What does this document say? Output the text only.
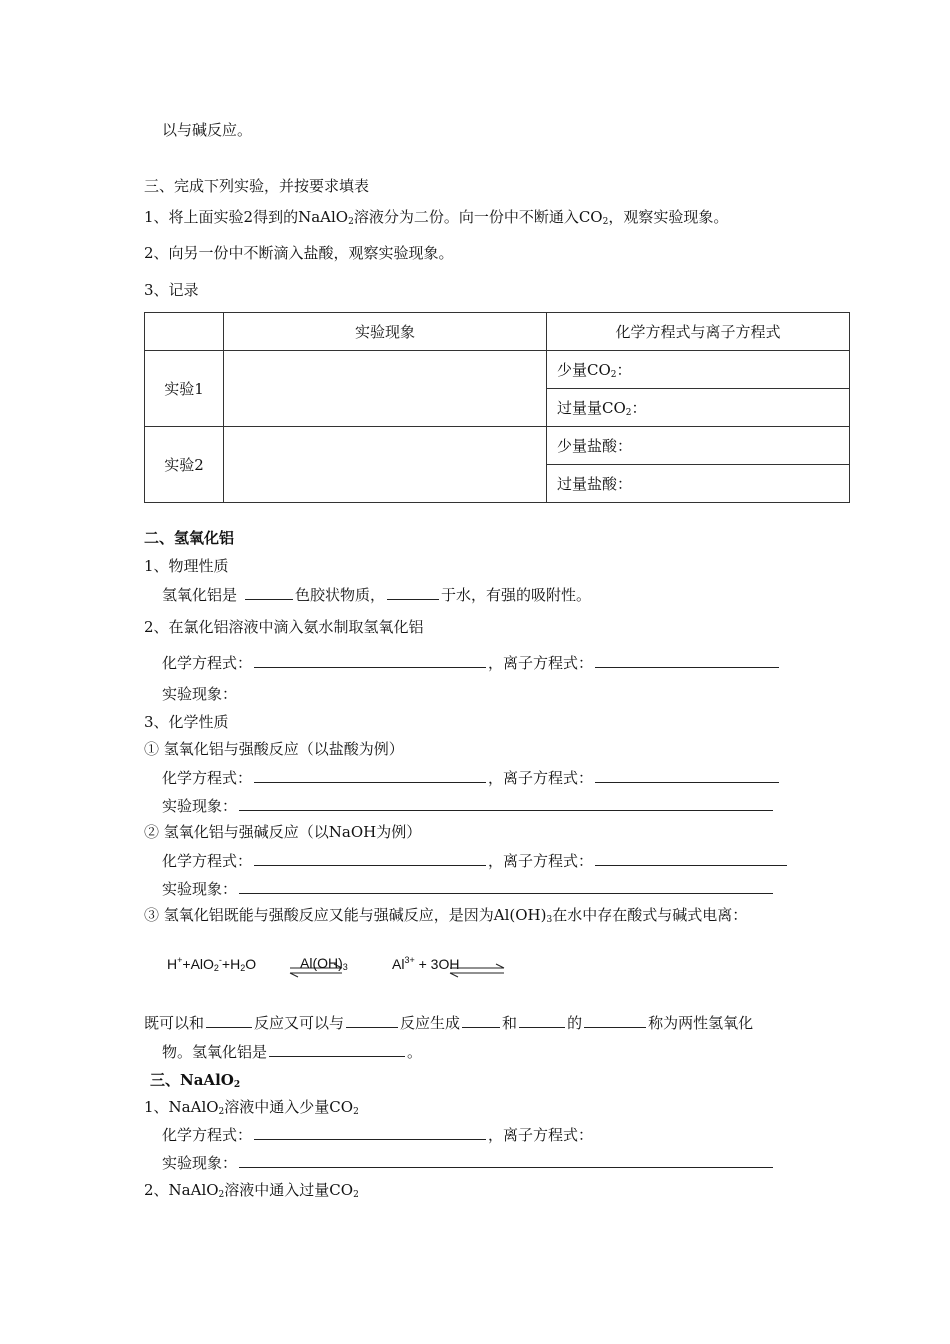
以与碱反应。
三、完成下列实验，并按要求填表
1、将上面实验2得到的NaAlO$_2$溶液分为二份。向一份中不断通入$CO_2$，观察实验现象。
2、向另一份中不断滴入盐酸，观察实验现象。
3、记录
	实验现象	化学方程式与离子方程式
实验1		少量$CO_2$：
		过量量$CO_2$：
实验2		少量盐酸：
		过量盐酸：
二、氢氧化铝
1、物理性质
氢氧化铝是	色胶状物质，	于水，有强的吸附性。
2、在氯化铝溶液中滴入氨水制取氢氧化铝
化学方程式：	，离子方程式：
实验现象：
3、化学性质
① 氢氧化铝与强酸反应（以盐酸为例）
化学方程式：	，离子方程式：
实验现象：
② 氢氧化铝与强碱反应（以NaOH为例）
化学方程式：	，离子方程式：
实验现象：
③ 氢氧化铝既能与强酸反应又能与强碱反应，是因为$Al(OH)_3$在水中存在酸式与碱式电离：
$H^++AlO_2^-+H_2O$	$Al(OH)_3$	$Al^{3+} + 3OH$
既可以和	反应又可以与	反应生成	和	的	称为两性氢氧化
物。氢氧化铝是	。
三、NaAlO$_2$
1、NaAlO$_2$溶液中通入少量$CO_2$
化学方程式：	，离子方程式：
实验现象：
2、NaAlO$_2$溶液中通入过量$CO_2$
